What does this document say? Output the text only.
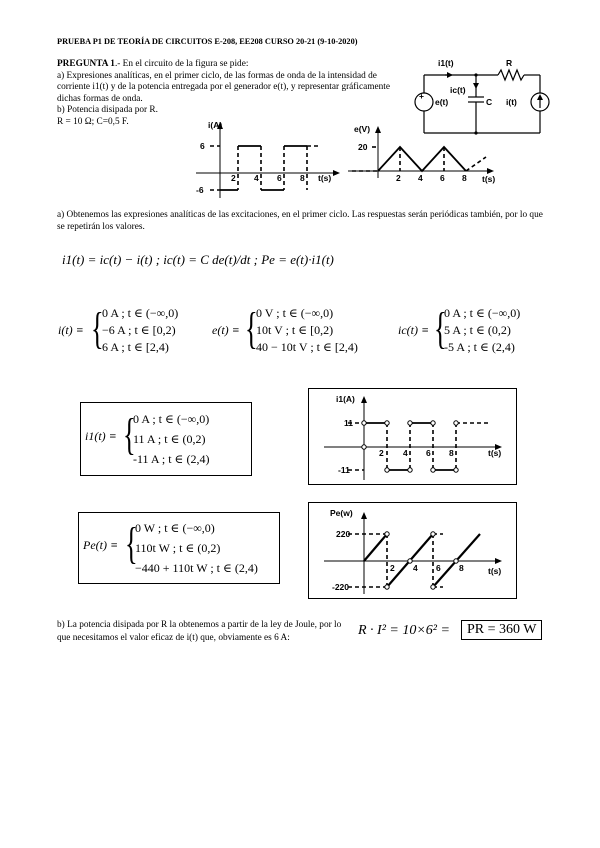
PRUEBA P1 DE TEORÍA DE CIRCUITOS E-208, EE208 CURSO 20-21 (9-10-2020)
PREGUNTA 1.- En el circuito de la figura se pide:
a) Expresiones analíticas, en el primer ciclo, de las formas de onda de la intensidad de corriente i1(t) y de la potencia entregada por el generador e(t), y representar gráficamente dichas formas de onda.
b) Potencia disipada por R.
R = 10 Ω; C=0,5 F.
i1(t)	R
ic(t)
C
e(t)	i(t)
+
i(A)
t(s)
6
-6
2 4 6 8
e(V)
t(s)
20
2 4 6 8
a) Obtenemos las expresiones analíticas de las excitaciones, en el primer ciclo. Las respuestas serán periódicas también, por lo que se repetirán los valores.
i1(t) = ic(t) − i(t) ; ic(t) = C de(t)/dt ; Pe = e(t)·i1(t)
i(t) ≡ {
0 A ; t ∈ (−∞,0)
−6 A ; t ∈ [0,2)
6 A ; t ∈ [2,4)
e(t) ≡ {
0 V ; t ∈ (−∞,0)
10t V ; t ∈ [0,2)
40 − 10t V ; t ∈ [2,4)
ic(t) ≡ {
0 A ; t ∈ (−∞,0)
5 A ; t ∈ (0,2)
-5 A ; t ∈ (2,4)
i1(t) ≡ {
0 A ; t ∈ (−∞,0)
11 A ; t ∈ (0,2)
-11 A ; t ∈ (2,4)
i1(A)
t(s)
11
-11
2 4 6 8
Pe(t) ≡ {
0 W ; t ∈ (−∞,0)
110t W ; t ∈ (0,2)
−440 + 110t W ; t ∈ (2,4)
Pe(w)
t(s)
220
-220
2 4 6 8
b) La potencia disipada por R la obtenemos a partir de la ley de Joule, por lo que necesitamos el valor eficaz de i(t) que, obviamente es 6 A:	R · I² = 10×6² =	PR = 360 W
